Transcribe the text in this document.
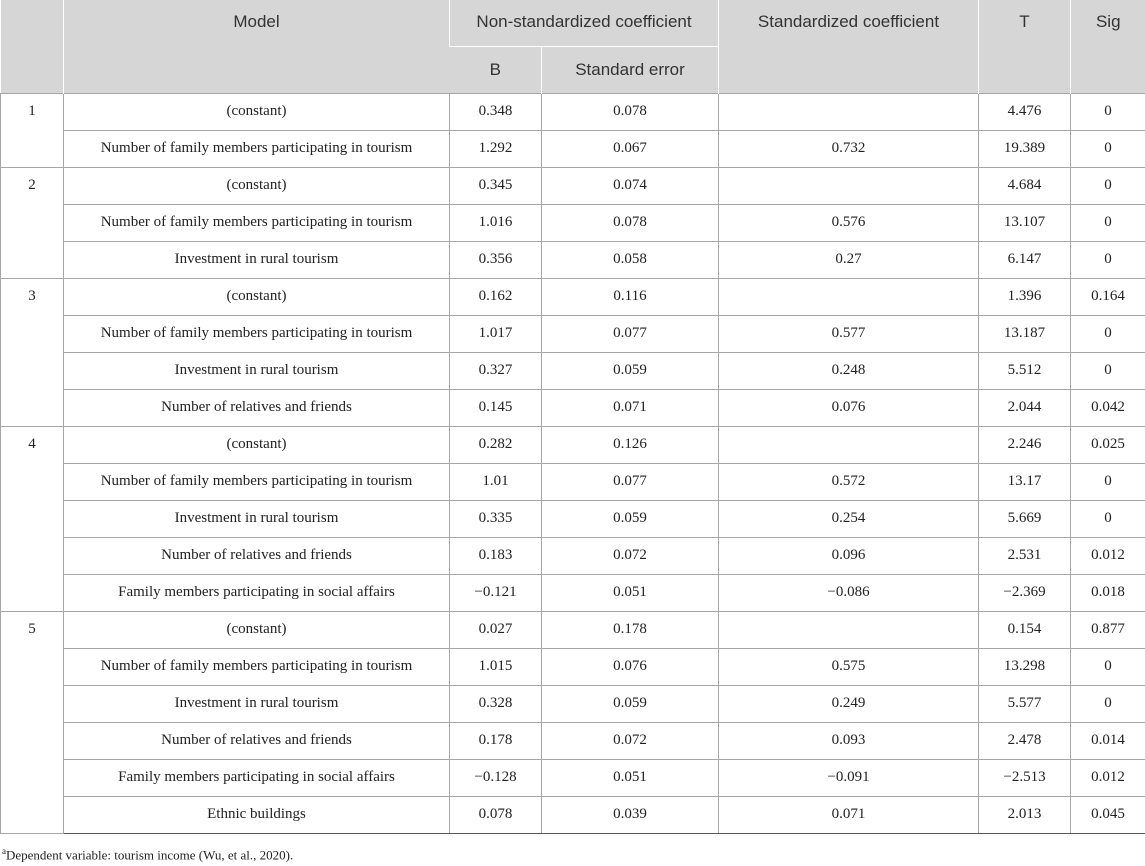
	Model	Non-standardized coefficient		Standardized coefficient	T	Sig
		B	Standard error			
1	(constant)	0.348	0.078		4.476	0
	Number of family members participating in tourism	1.292	0.067	0.732	19.389	0
2	(constant)	0.345	0.074		4.684	0
	Number of family members participating in tourism	1.016	0.078	0.576	13.107	0
	Investment in rural tourism	0.356	0.058	0.27	6.147	0
3	(constant)	0.162	0.116		1.396	0.164
	Number of family members participating in tourism	1.017	0.077	0.577	13.187	0
	Investment in rural tourism	0.327	0.059	0.248	5.512	0
	Number of relatives and friends	0.145	0.071	0.076	2.044	0.042
4	(constant)	0.282	0.126		2.246	0.025
	Number of family members participating in tourism	1.01	0.077	0.572	13.17	0
	Investment in rural tourism	0.335	0.059	0.254	5.669	0
	Number of relatives and friends	0.183	0.072	0.096	2.531	0.012
	Family members participating in social affairs	−0.121	0.051	−0.086	−2.369	0.018
5	(constant)	0.027	0.178		0.154	0.877
	Number of family members participating in tourism	1.015	0.076	0.575	13.298	0
	Investment in rural tourism	0.328	0.059	0.249	5.577	0
	Number of relatives and friends	0.178	0.072	0.093	2.478	0.014
	Family members participating in social affairs	−0.128	0.051	−0.091	−2.513	0.012
	Ethnic buildings	0.078	0.039	0.071	2.013	0.045
$^a$Dependent variable: tourism income (Wu, et al., 2020).
